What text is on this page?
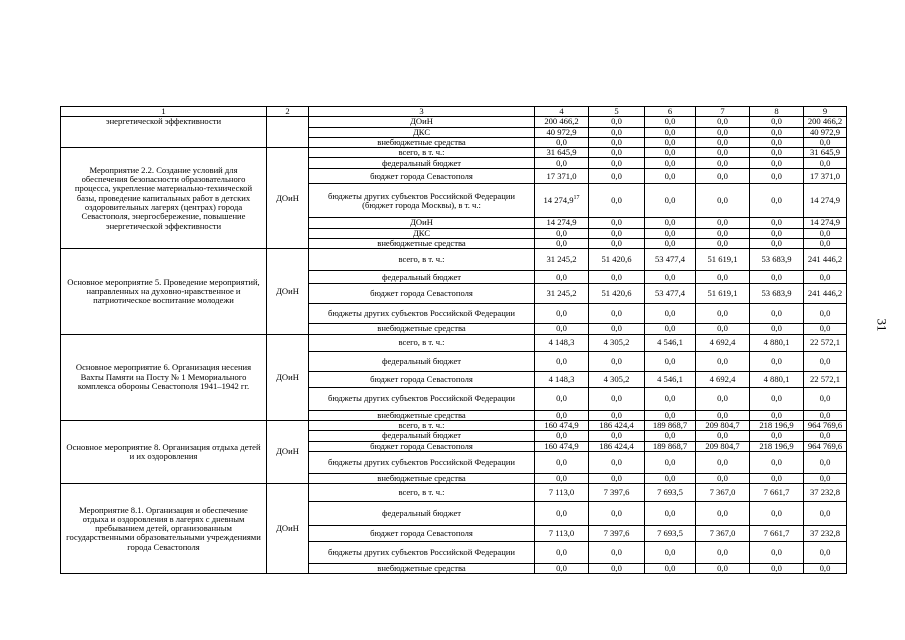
31
1	2	3	4	5	6	7	8	9
энергетической эффективности		ДОиН	200 466,2	0,0	0,0	0,0	0,0	200 466,2
		ДКС	40 972,9	0,0	0,0	0,0	0,0	40 972,9
		внебюджетные средства	0,0	0,0	0,0	0,0	0,0	0,0
Мероприятие 2.2. Создание условий для обеспечения безопасности образовательного процесса, укрепление материально-технической базы, проведение капитальных работ в детских оздоровительных лагерях (центрах) города Севастополя, энергосбережение, повышение энергетической эффективности	ДОиН	всего, в т. ч.:	31 645,9	0,0	0,0	0,0	0,0	31 645,9
		федеральный бюджет	0,0	0,0	0,0	0,0	0,0	0,0
		бюджет города Севастополя	17 371,0	0,0	0,0	0,0	0,0	17 371,0
		бюджеты других субъектов Российской Федерации (бюджет города Москвы), в т. ч.:	14 274,9$^{17}$	0,0	0,0	0,0	0,0	14 274,9
		ДОиН	14 274,9	0,0	0,0	0,0	0,0	14 274,9
		ДКС	0,0	0,0	0,0	0,0	0,0	0,0
		внебюджетные средства	0,0	0,0	0,0	0,0	0,0	0,0
Основное мероприятие 5. Проведение мероприятий, направленных на духовно-нравственное и патриотическое воспитание молодежи	ДОиН	всего, в т. ч.:	31 245,2	51 420,6	53 477,4	51 619,1	53 683,9	241 446,2
		федеральный бюджет	0,0	0,0	0,0	0,0	0,0	0,0
		бюджет города Севастополя	31 245,2	51 420,6	53 477,4	51 619,1	53 683,9	241 446,2
		бюджеты других субъектов Российской Федерации	0,0	0,0	0,0	0,0	0,0	0,0
		внебюджетные средства	0,0	0,0	0,0	0,0	0,0	0,0
Основное мероприятие 6. Организация несения Вахты Памяти на Посту № 1 Мемориального комплекса обороны Севастополя 1941–1942 гг.	ДОиН	всего, в т. ч.:	4 148,3	4 305,2	4 546,1	4 692,4	4 880,1	22 572,1
		федеральный бюджет	0,0	0,0	0,0	0,0	0,0	0,0
		бюджет города Севастополя	4 148,3	4 305,2	4 546,1	4 692,4	4 880,1	22 572,1
		бюджеты других субъектов Российской Федерации	0,0	0,0	0,0	0,0	0,0	0,0
		внебюджетные средства	0,0	0,0	0,0	0,0	0,0	0,0
Основное мероприятие 8. Организация отдыха детей и их оздоровления	ДОиН	всего, в т. ч.:	160 474,9	186 424,4	189 868,7	209 804,7	218 196,9	964 769,6
		федеральный бюджет	0,0	0,0	0,0	0,0	0,0	0,0
		бюджет города Севастополя	160 474,9	186 424,4	189 868,7	209 804,7	218 196,9	964 769,6
		бюджеты других субъектов Российской Федерации	0,0	0,0	0,0	0,0	0,0	0,0
		внебюджетные средства	0,0	0,0	0,0	0,0	0,0	0,0
Мероприятие 8.1. Организация и обеспечение отдыха и оздоровления в лагерях с дневным пребыванием детей, организованным государственными образовательными учреждениями города Севастополя	ДОиН	всего, в т. ч.:	7 113,0	7 397,6	7 693,5	7 367,0	7 661,7	37 232,8
		федеральный бюджет	0,0	0,0	0,0	0,0	0,0	0,0
		бюджет города Севастополя	7 113,0	7 397,6	7 693,5	7 367,0	7 661,7	37 232,8
		бюджеты других субъектов Российской Федерации	0,0	0,0	0,0	0,0	0,0	0,0
		внебюджетные средства	0,0	0,0	0,0	0,0	0,0	0,0
